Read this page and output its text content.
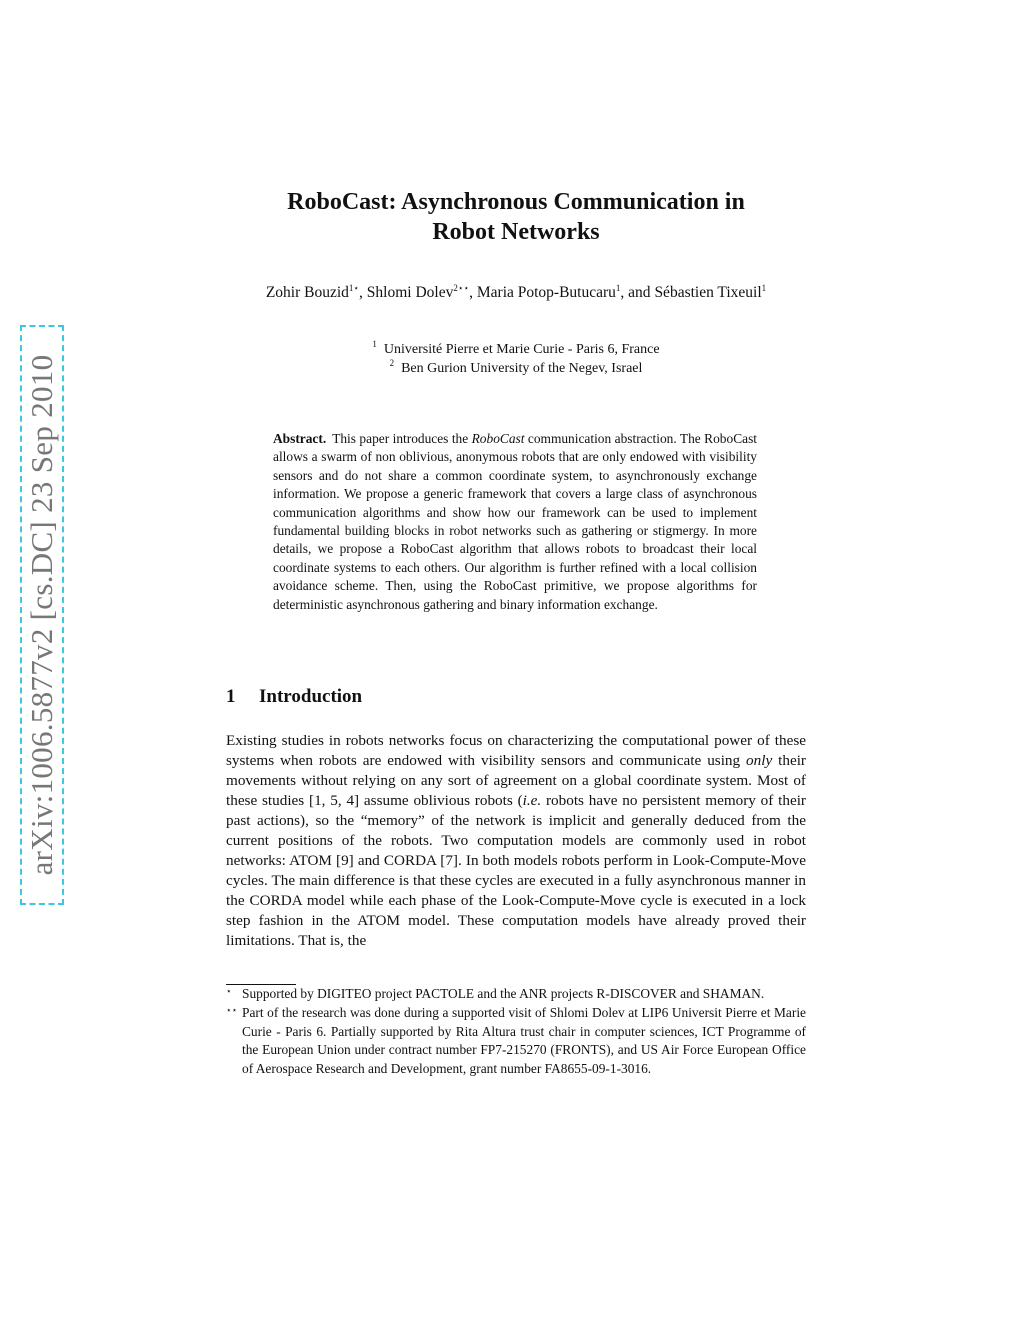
arXiv:1006.5877v2 [cs.DC] 23 Sep 2010
RoboCast: Asynchronous Communication in
Robot Networks
Zohir Bouzid$^{1⋆}$, Shlomi Dolev$^{2⋆⋆}$, Maria Potop-Butucaru$^1$, and Sébastien Tixeuil$^1$
$^1$ Université Pierre et Marie Curie - Paris 6, France
$^2$ Ben Gurion University of the Negev, Israel
Abstract. This paper introduces the RoboCast communication abstraction. The RoboCast allows a swarm of non oblivious, anonymous robots that are only endowed with visibility sensors and do not share a common coordinate system, to asynchronously exchange information. We propose a generic framework that covers a large class of asynchronous communication algorithms and show how our framework can be used to implement fundamental building blocks in robot networks such as gathering or stigmergy. In more details, we propose a RoboCast algorithm that allows robots to broadcast their local coordinate systems to each others. Our algorithm is further refined with a local collision avoidance scheme. Then, using the RoboCast primitive, we propose algorithms for deterministic asynchronous gathering and binary information exchange.
1 Introduction
Existing studies in robots networks focus on characterizing the computational power of these systems when robots are endowed with visibility sensors and communicate using only their movements without relying on any sort of agreement on a global coordinate system. Most of these studies [1, 5, 4] assume oblivious robots (i.e. robots have no persistent memory of their past actions), so the “memory” of the network is implicit and generally deduced from the current positions of the robots. Two computation models are commonly used in robot networks: ATOM [9] and CORDA [7]. In both models robots perform in Look-Compute-Move cycles. The main difference is that these cycles are executed in a fully asynchronous manner in the CORDA model while each phase of the Look-Compute-Move cycle is executed in a lock step fashion in the ATOM model. These computation models have already proved their limitations. That is, the
⋆ Supported by DIGITEO project PACTOLE and the ANR projects R-DISCOVER and SHAMAN.
⋆⋆ Part of the research was done during a supported visit of Shlomi Dolev at LIP6 Universit Pierre et Marie Curie - Paris 6. Partially supported by Rita Altura trust chair in computer sciences, ICT Programme of the European Union under contract number FP7-215270 (FRONTS), and US Air Force European Office of Aerospace Research and Development, grant number FA8655-09-1-3016.
